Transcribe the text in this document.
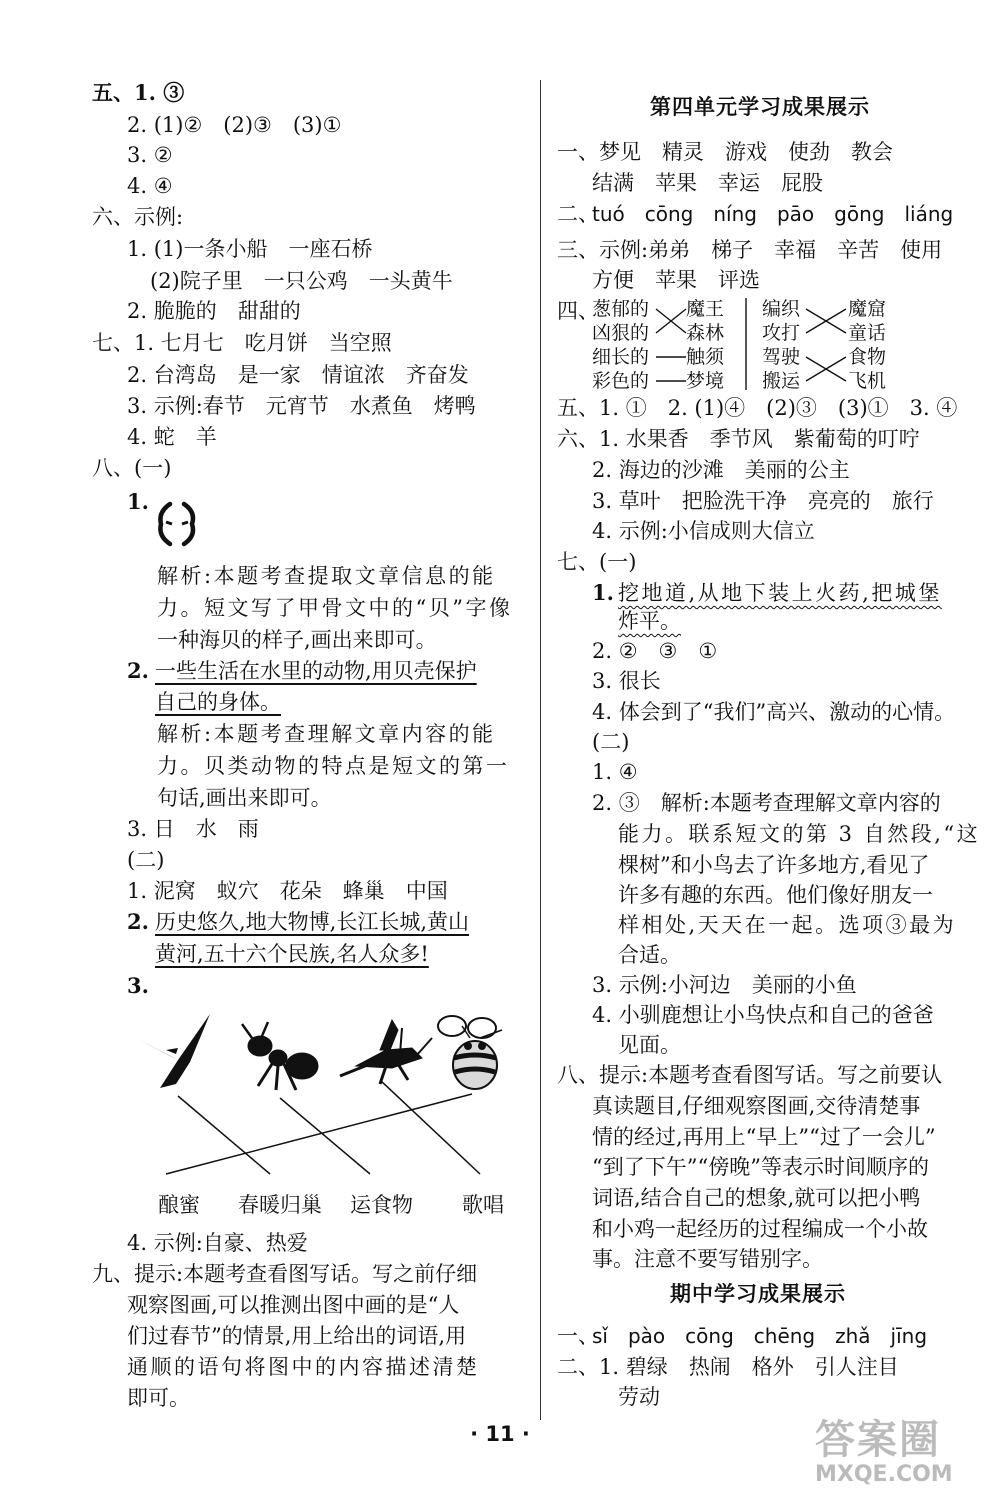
五、1. ③
2. (1)②　(2)③　(3)①
3. ②
4. ④
六、示例:
1. (1)一条小船　一座石桥
(2)院子里　一只公鸡　一头黄牛
2. 脆脆的　甜甜的
七、1. 七月七　吃月饼　当空照
2. 台湾岛　是一家　情谊浓　齐奋发
3. 示例:春节　元宵节　水煮鱼　烤鸭
4. 蛇　羊
八、(一)
1.
解析:本题考查提取文章信息的能
力。短文写了甲骨文中的“贝”字像
一种海贝的样子,画出来即可。
2. 一些生活在水里的动物,用贝壳保护
自己的身体。
解析:本题考查理解文章内容的能
力。贝类动物的特点是短文的第一
句话,画出来即可。
3. 日　水　雨
(二)
1. 泥窝　蚁穴　花朵　蜂巢　中国
2. 历史悠久,地大物博,长江长城,黄山
黄河,五十六个民族,名人众多!
3.
酿蜜 春暖归巢 运食物 歌唱
4. 示例:自豪、热爱
九、提示:本题考查看图写话。写之前仔细
观察图画,可以推测出图中画的是“人
们过春节”的情景,用上给出的词语,用
通顺的语句将图中的内容描述清楚
即可。
第四单元学习成果展示
一、梦见　精灵　游戏　使劲　教会
结满　苹果　幸运　屁股
二、
tuó　cōng　níng　pāo　gōng　liáng
三、示例:弟弟　梯子　幸福　辛苦　使用
方便　苹果　评选
四、
葱郁的
凶狠的
细长的
彩色的
魔王
森林
触须
梦境
编织
攻打
驾驶
搬运
魔窟
童话
食物
飞机
五、1. ①　2. (1)④　(2)③　(3)①　3. ④
六、1. 水果香　季节风　紫葡萄的叮咛
2. 海边的沙滩　美丽的公主
3. 草叶　把脸洗干净　亮亮的　旅行
4. 示例:小信成则大信立
七、(一)
1. 挖地道,从地下装上火药,把城堡
炸平。
2. ②　③　①
3. 很长
4. 体会到了“我们”高兴、激动的心情。
(二)
1. ④
2. ③　解析:本题考查理解文章内容的
能力。联系短文的第 3 自然段,“这
棵树”和小鸟去了许多地方,看见了
许多有趣的东西。他们像好朋友一
样相处,天天在一起。选项③最为
合适。
3. 示例:小河边　美丽的小鱼
4. 小驯鹿想让小鸟快点和自己的爸爸
见面。
八、提示:本题考查看图写话。写之前要认
真读题目,仔细观察图画,交待清楚事
情的经过,再用上“早上”“过了一会儿”
“到了下午”“傍晚”等表示时间顺序的
词语,结合自己的想象,就可以把小鸭
和小鸡一起经历的过程编成一个小故
事。注意不要写错别字。
期中学习成果展示
一、
sǐ　pào　cōng　chēng　zhǎ　jīng
二、1. 碧绿　热闹　格外　引人注目
劳动
· 11 ·	答案圈
MXQE.COM
